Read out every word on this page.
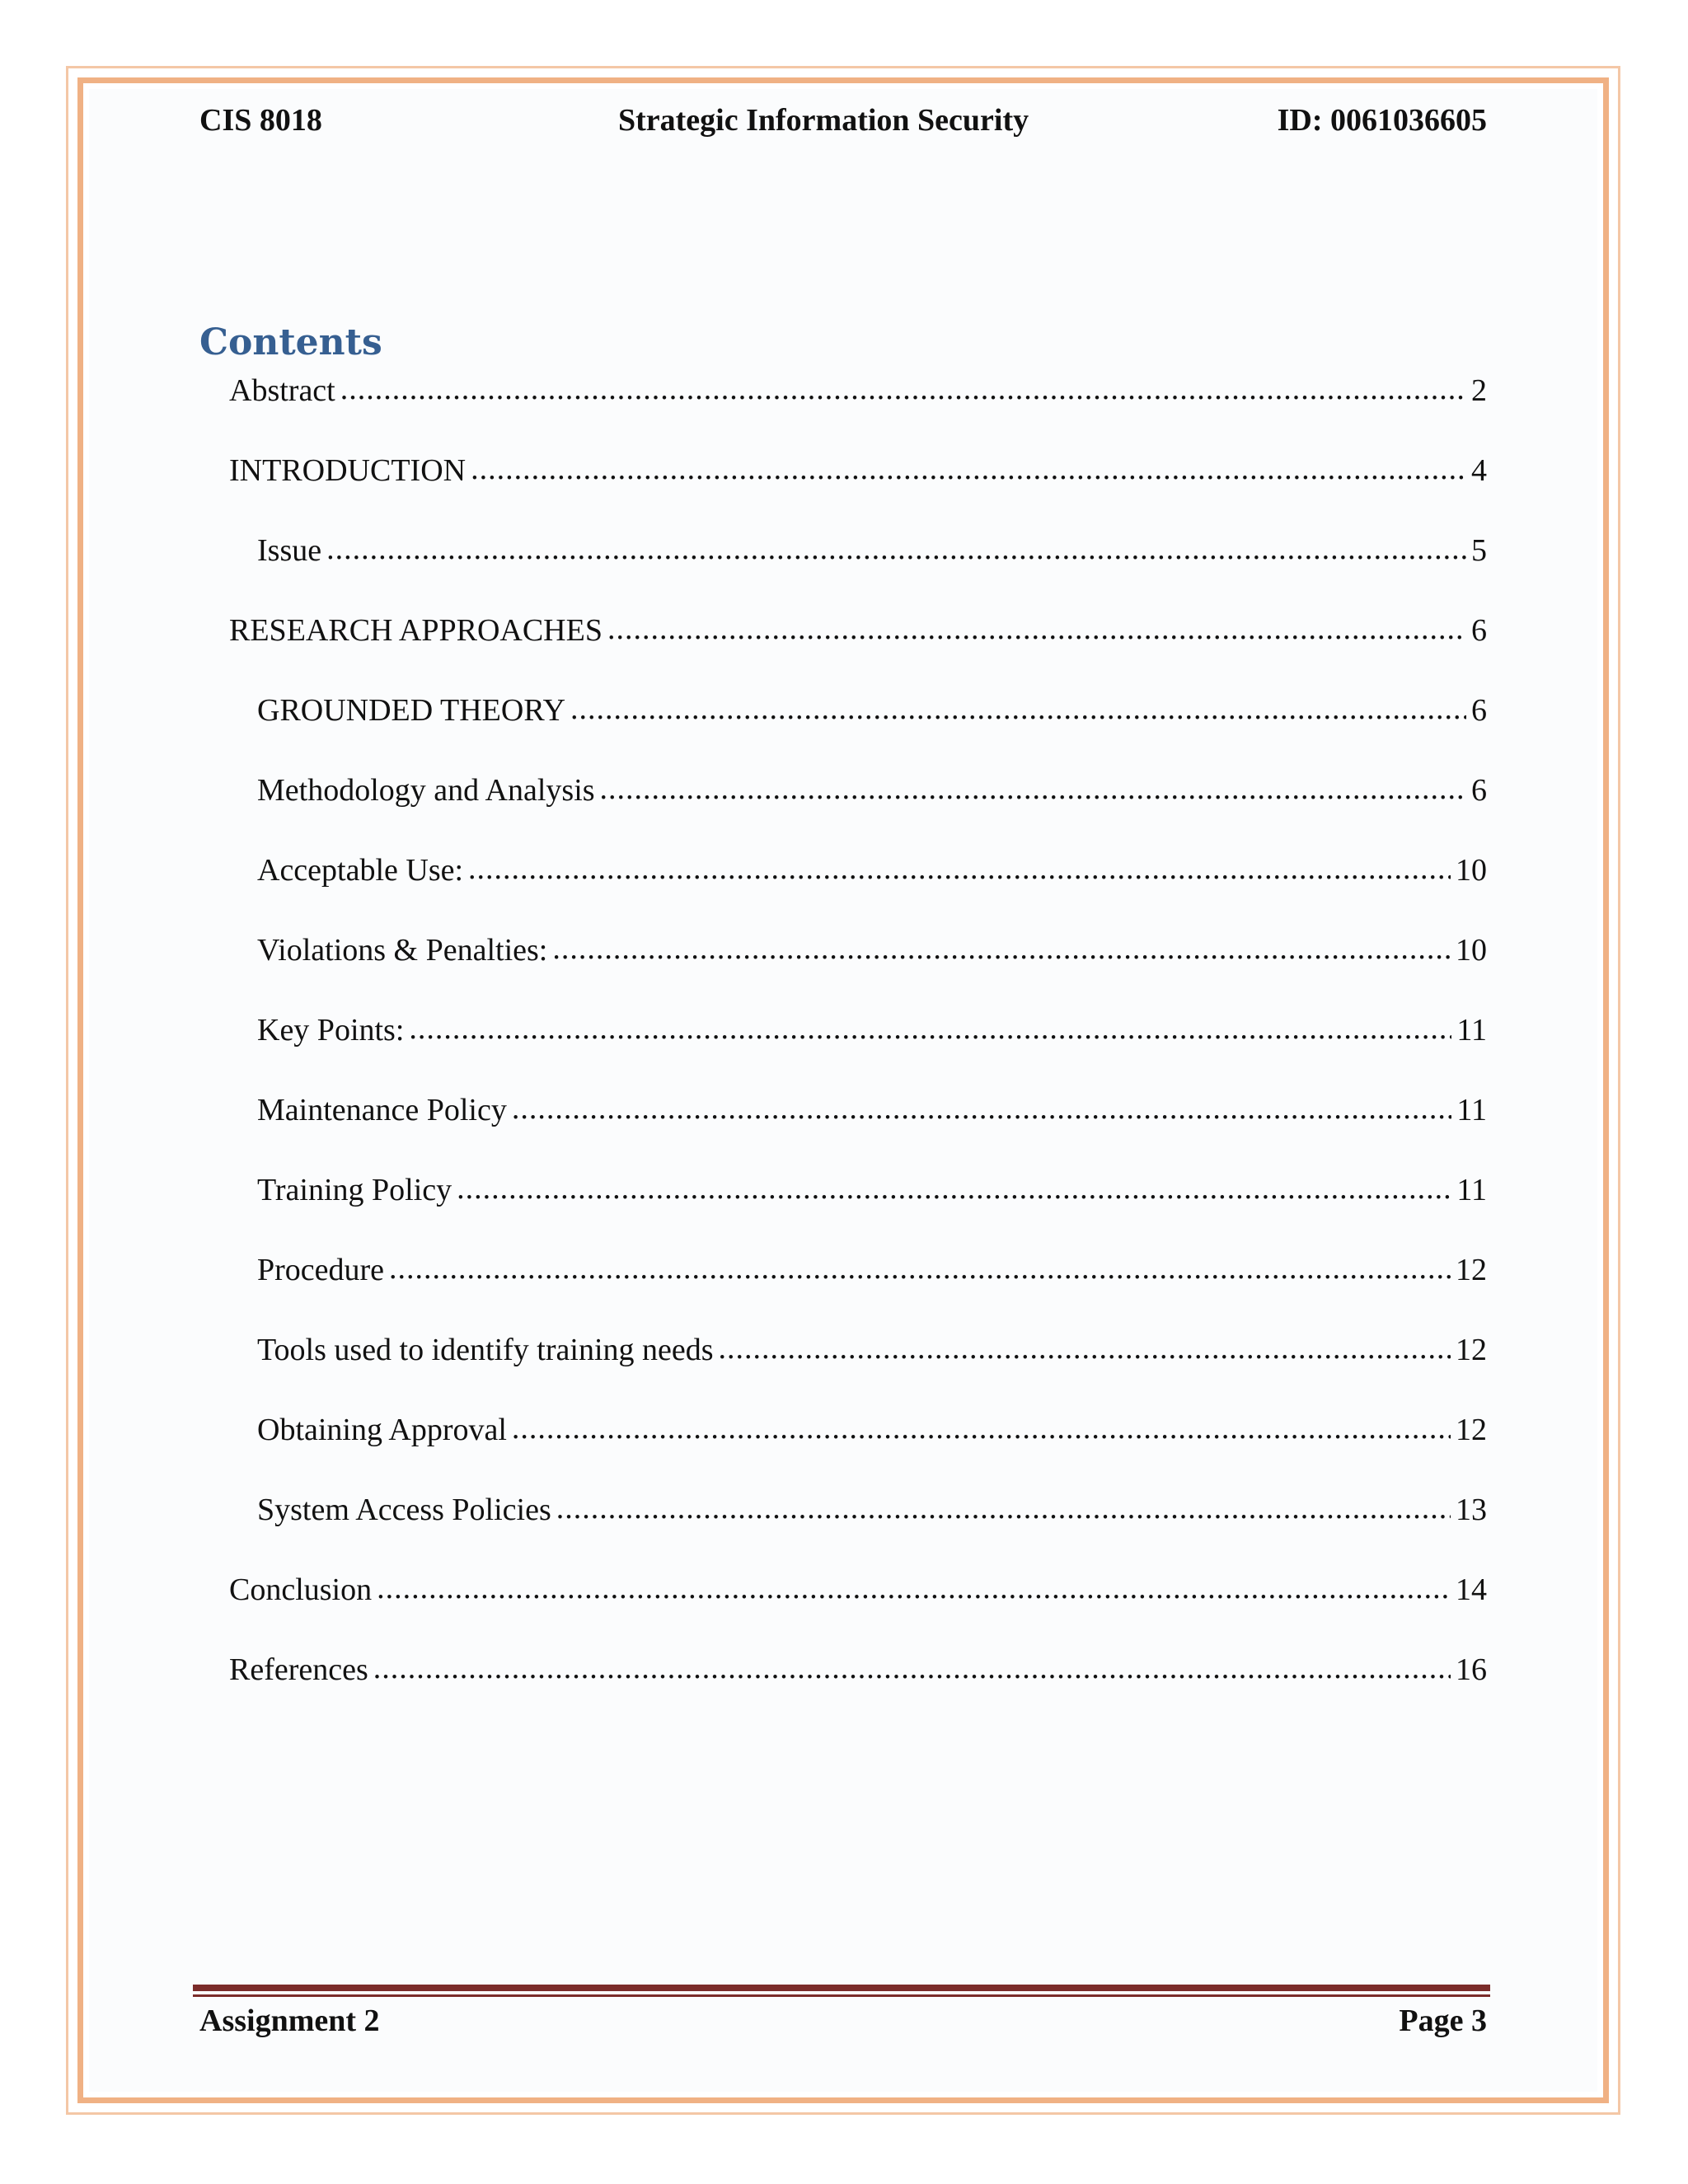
CIS 8018	Strategic Information Security	ID: 0061036605
Contents
Abstract .....	2
INTRODUCTION .....	4
Issue .....	5
RESEARCH APPROACHES .....	6
GROUNDED THEORY .....	6
Methodology and Analysis .....	6
Acceptable Use: .....	10
Violations & Penalties: .....	10
Key Points: .....	11
Maintenance Policy .....	11
Training Policy .....	11
Procedure .....	12
Tools used to identify training needs .....	12
Obtaining Approval .....	12
System Access Policies .....	13
Conclusion .....	14
References .....	16
Assignment 2	Page 3
